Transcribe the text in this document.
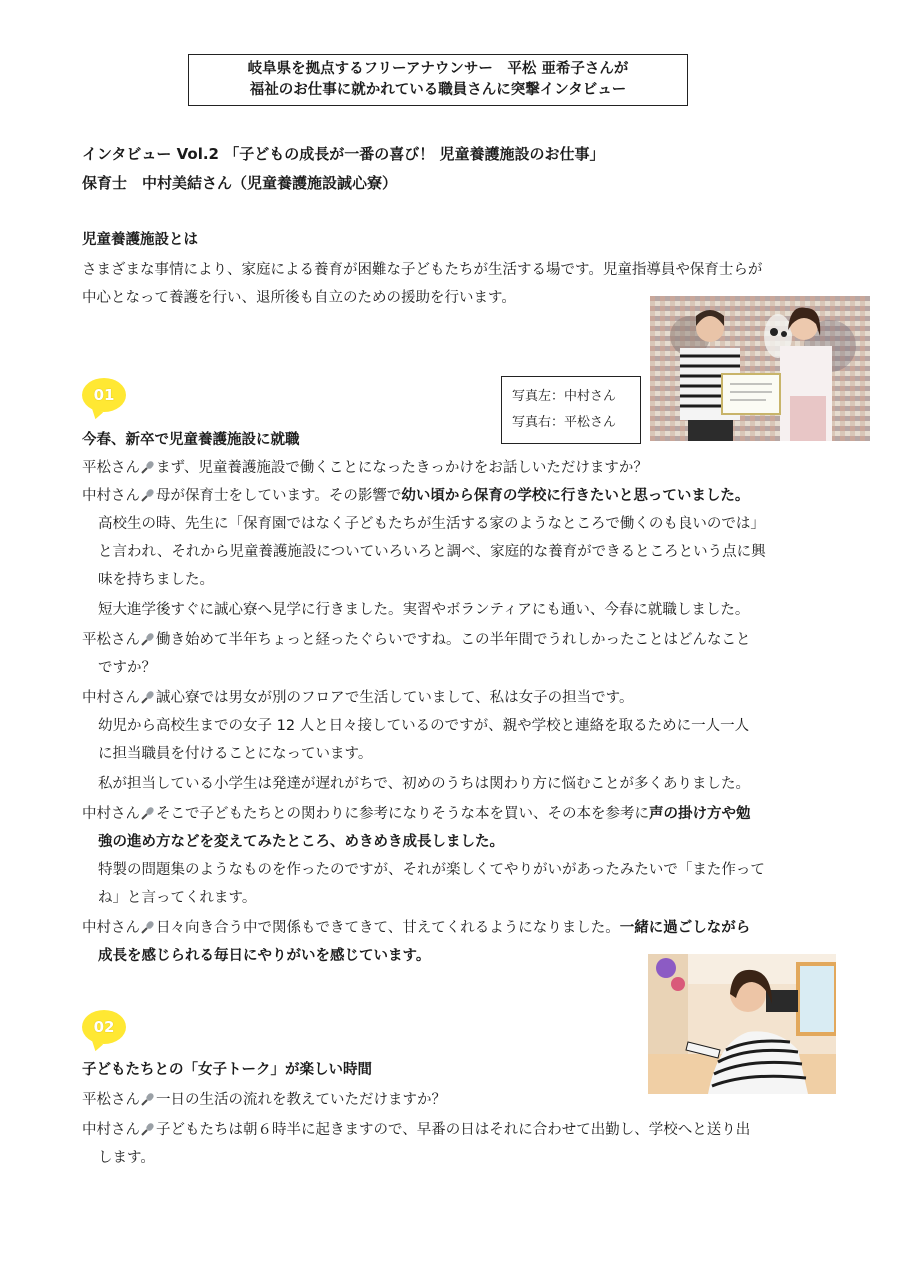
岐阜県を拠点するフリーアナウンサー　平松 亜希子さんが
福祉のお仕事に就かれている職員さんに突撃インタビュー
インタビュー Vol.2 「子どもの成長が一番の喜び！ 児童養護施設のお仕事」
保育士　中村美結さん（児童養護施設誠心寮）
児童養護施設とは
さまざまな事情により、家庭による養育が困難な子どもたちが生活する場です。児童指導員や保育士らが
中心となって養護を行い、退所後も自立のための援助を行います。
写真左：中村さん
写真右：平松さん
01
今春、新卒で児童養護施設に就職
平松さん まず、児童養護施設で働くことになったきっかけをお話しいただけますか？
中村さん 母が保育士をしています。その影響で幼い頃から保育の学校に行きたいと思っていました。
高校生の時、先生に「保育園ではなく子どもたちが生活する家のようなところで働くのも良いのでは」
と言われ、それから児童養護施設についていろいろと調べ、家庭的な養育ができるところという点に興
味を持ちました。
短大進学後すぐに誠心寮へ見学に行きました。実習やボランティアにも通い、今春に就職しました。
平松さん 働き始めて半年ちょっと経ったぐらいですね。この半年間でうれしかったことはどんなこと
ですか？
中村さん 誠心寮では男女が別のフロアで生活していまして、私は女子の担当です。
幼児から高校生までの女子 12 人と日々接しているのですが、親や学校と連絡を取るために一人一人
に担当職員を付けることになっています。
私が担当している小学生は発達が遅れがちで、初めのうちは関わり方に悩むことが多くありました。
中村さん そこで子どもたちとの関わりに参考になりそうな本を買い、その本を参考に声の掛け方や勉
強の進め方などを変えてみたところ、めきめき成長しました。
特製の問題集のようなものを作ったのですが、それが楽しくてやりがいがあったみたいで「また作って
ね」と言ってくれます。
中村さん 日々向き合う中で関係もできてきて、甘えてくれるようになりました。一緒に過ごしながら
成長を感じられる毎日にやりがいを感じています。
02
子どもたちとの「女子トーク」が楽しい時間
平松さん 一日の生活の流れを教えていただけますか？
中村さん 子どもたちは朝６時半に起きますので、早番の日はそれに合わせて出勤し、学校へと送り出
します。
